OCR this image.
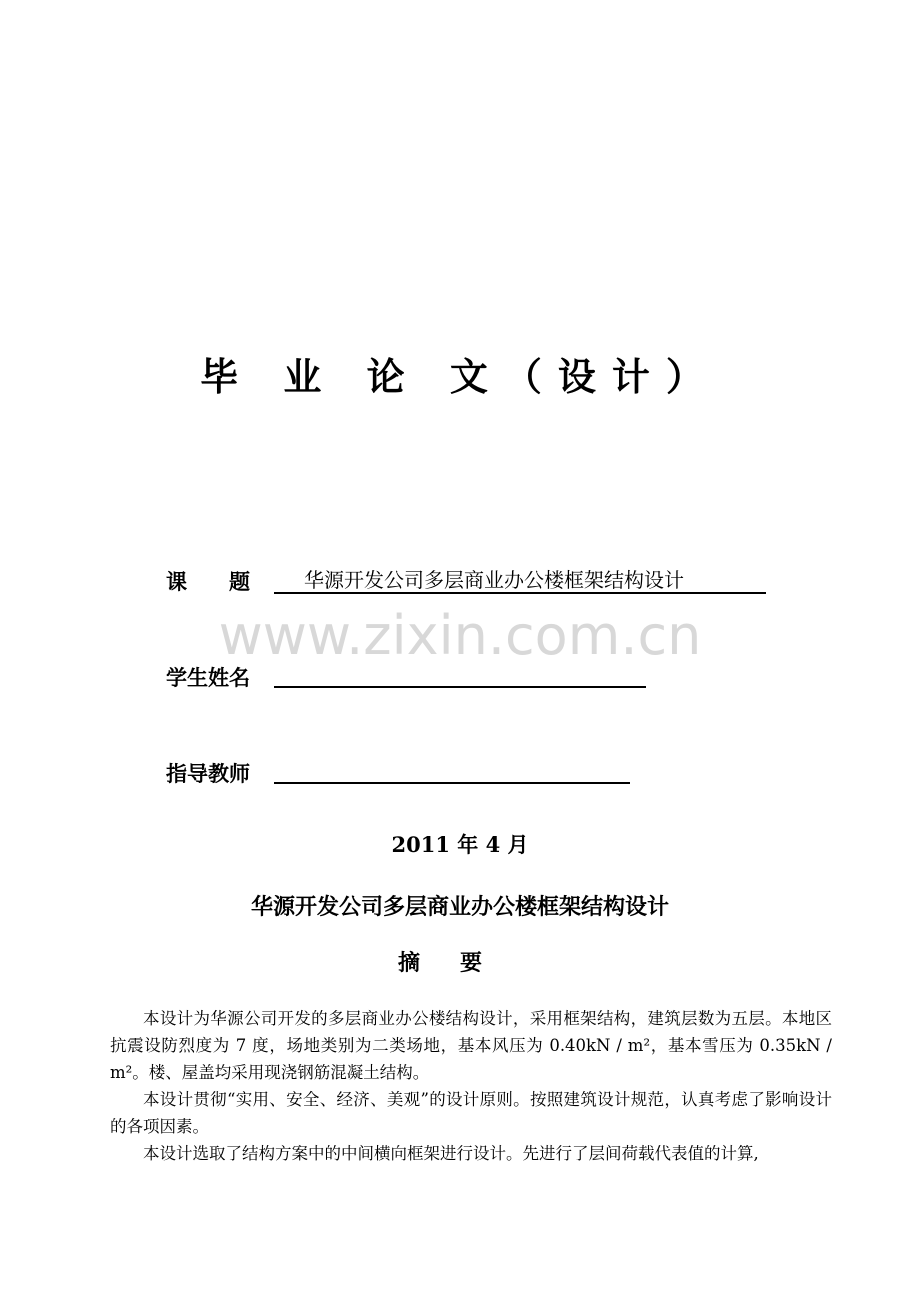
毕 业 论 文（设计）
课　　题	华源开发公司多层商业办公楼框架结构设计
www.zixin.com.cn
学生姓名
指导教师
2011 年 4 月
华源开发公司多层商业办公楼框架结构设计
摘要

本设计为华源公司开发的多层商业办公楼结构设计，采用框架结构，建筑层数为五层。本地区抗震设防烈度为 7 度，场地类别为二类场地，基本风压为 0.40kN / m²，基本雪压为 0.35kN / m²。楼、屋盖均采用现浇钢筋混凝土结构。

本设计贯彻“实用、安全、经济、美观”的设计原则。按照建筑设计规范，认真考虑了影响设计的各项因素。

本设计选取了结构方案中的中间横向框架进行设计。先进行了层间荷载代表值的计算,
